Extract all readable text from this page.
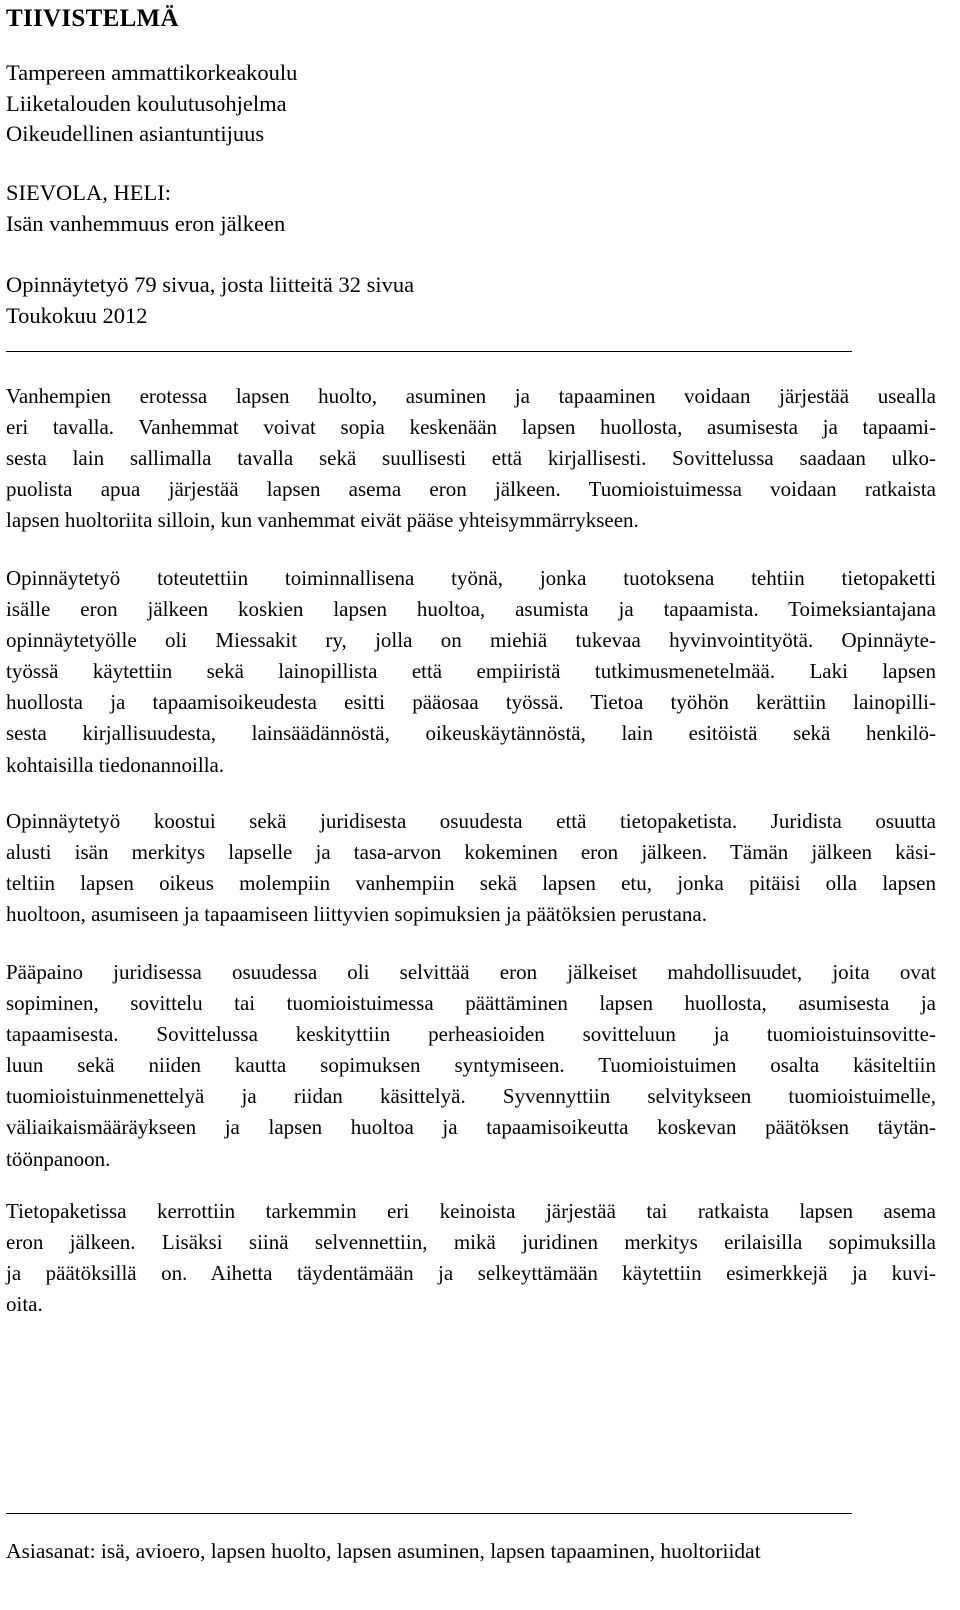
TIIVISTELMÄ
Tampereen ammattikorkeakoulu
Liiketalouden koulutusohjelma
Oikeudellinen asiantuntijuus
SIEVOLA, HELI:
Isän vanhemmuus eron jälkeen
Opinnäytetyö 79 sivua, josta liitteitä 32 sivua
Toukokuu 2012
Vanhempien erotessa lapsen huolto, asuminen ja tapaaminen voidaan järjestää usealla
eri tavalla. Vanhemmat voivat sopia keskenään lapsen huollosta, asumisesta ja tapaami-
sesta lain sallimalla tavalla sekä suullisesti että kirjallisesti. Sovittelussa saadaan ulko-
puolista apua järjestää lapsen asema eron jälkeen. Tuomioistuimessa voidaan ratkaista
lapsen huoltoriita silloin, kun vanhemmat eivät pääse yhteisymmärrykseen.
Opinnäytetyö toteutettiin toiminnallisena työnä, jonka tuotoksena tehtiin tietopaketti
isälle eron jälkeen koskien lapsen huoltoa, asumista ja tapaamista. Toimeksiantajana
opinnäytetyölle oli Miessakit ry, jolla on miehiä tukevaa hyvinvointityötä. Opinnäyte-
työssä käytettiin sekä lainopillista että empiiristä tutkimusmenetelmää. Laki lapsen
huollosta ja tapaamisoikeudesta esitti pääosaa työssä. Tietoa työhön kerättiin lainopilli-
sesta kirjallisuudesta, lainsäädännöstä, oikeuskäytännöstä, lain esitöistä sekä henkilö-
kohtaisilla tiedonannoilla.
Opinnäytetyö koostui sekä juridisesta osuudesta että tietopaketista. Juridista osuutta
alusti isän merkitys lapselle ja tasa-arvon kokeminen eron jälkeen. Tämän jälkeen käsi-
teltiin lapsen oikeus molempiin vanhempiin sekä lapsen etu, jonka pitäisi olla lapsen
huoltoon, asumiseen ja tapaamiseen liittyvien sopimuksien ja päätöksien perustana.
Pääpaino juridisessa osuudessa oli selvittää eron jälkeiset mahdollisuudet, joita ovat
sopiminen, sovittelu tai tuomioistuimessa päättäminen lapsen huollosta, asumisesta ja
tapaamisesta. Sovittelussa keskityttiin perheasioiden sovitteluun ja tuomioistuinsovitte-
luun sekä niiden kautta sopimuksen syntymiseen. Tuomioistuimen osalta käsiteltiin
tuomioistuinmenettelyä ja riidan käsittelyä. Syvennyttiin selvitykseen tuomioistuimelle,
väliaikaismääräykseen ja lapsen huoltoa ja tapaamisoikeutta koskevan päätöksen täytän-
töönpanoon.
Tietopaketissa kerrottiin tarkemmin eri keinoista järjestää tai ratkaista lapsen asema
eron jälkeen. Lisäksi siinä selvennettiin, mikä juridinen merkitys erilaisilla sopimuksilla
ja päätöksillä on. Aihetta täydentämään ja selkeyttämään käytettiin esimerkkejä ja kuvi-
oita.
Asiasanat: isä, avioero, lapsen huolto, lapsen asuminen, lapsen tapaaminen, huoltoriidat
